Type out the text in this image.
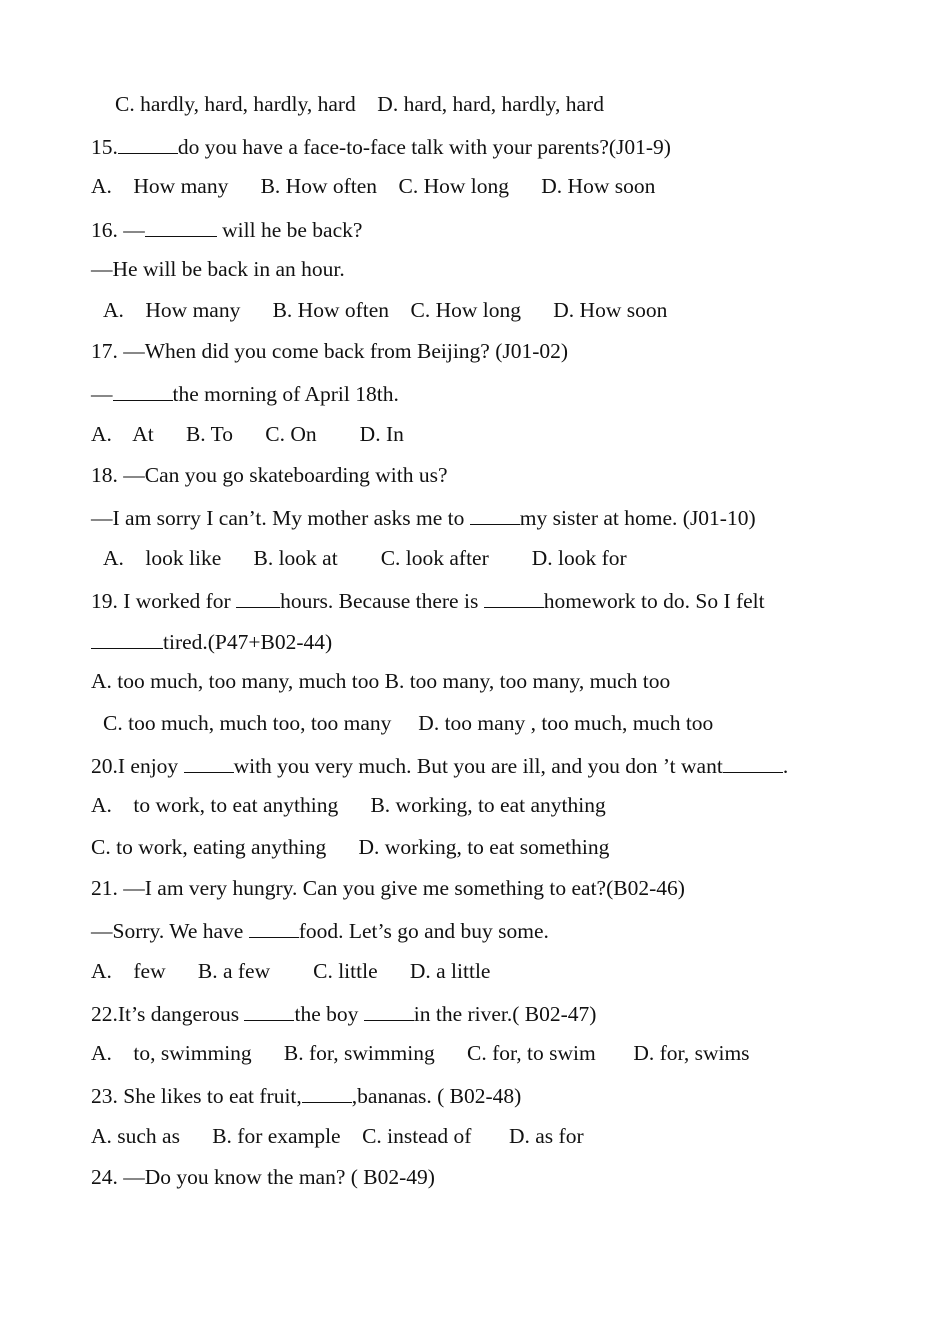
C. hardly, hard, hardly, hard    D. hard, hard, hardly, hard
15.	do you have a face-to-face talk with your parents?(J01-9)
A.    How many      B. How often    C. How long      D. How soon
16. —	will he be back?
—He will be back in an hour.
A.    How many      B. How often    C. How long      D. How soon
17. —When did you come back from Beijing? (J01-02)
—	the morning of April 18th.
A.    At      B. To      C. On        D. In
18. —Can you go skateboarding with us?
—I am sorry I can’t. My mother asks me to my sister at home. (J01-10)
A.    look like      B. look at        C. look after        D. look for
19. I worked for hours. Because there is	homework to do. So I felt
tired.(P47+B02-44)
A. too much, too many, much too B. too many, too many, much too
C. too much, much too, too many     D. too many , too much, much too
20.I enjoy with you very much. But you are ill, and you don ’t want	.
A.    to work, to eat anything      B. working, to eat anything
C. to work, eating anything      D. working, to eat something
21. —I am very hungry. Can you give me something to eat?(B02-46)
—Sorry. We have food. Let’s go and buy some.
A.    few      B. a few        C. little      D. a little
22.It’s dangerous the boy in the river.( B02-47)
A.    to, swimming      B. for, swimming      C. for, to swim       D. for, swims
23. She likes to eat fruit, ,bananas. ( B02-48)
A. such as      B. for example    C. instead of       D. as for
24. —Do you know the man? ( B02-49)
